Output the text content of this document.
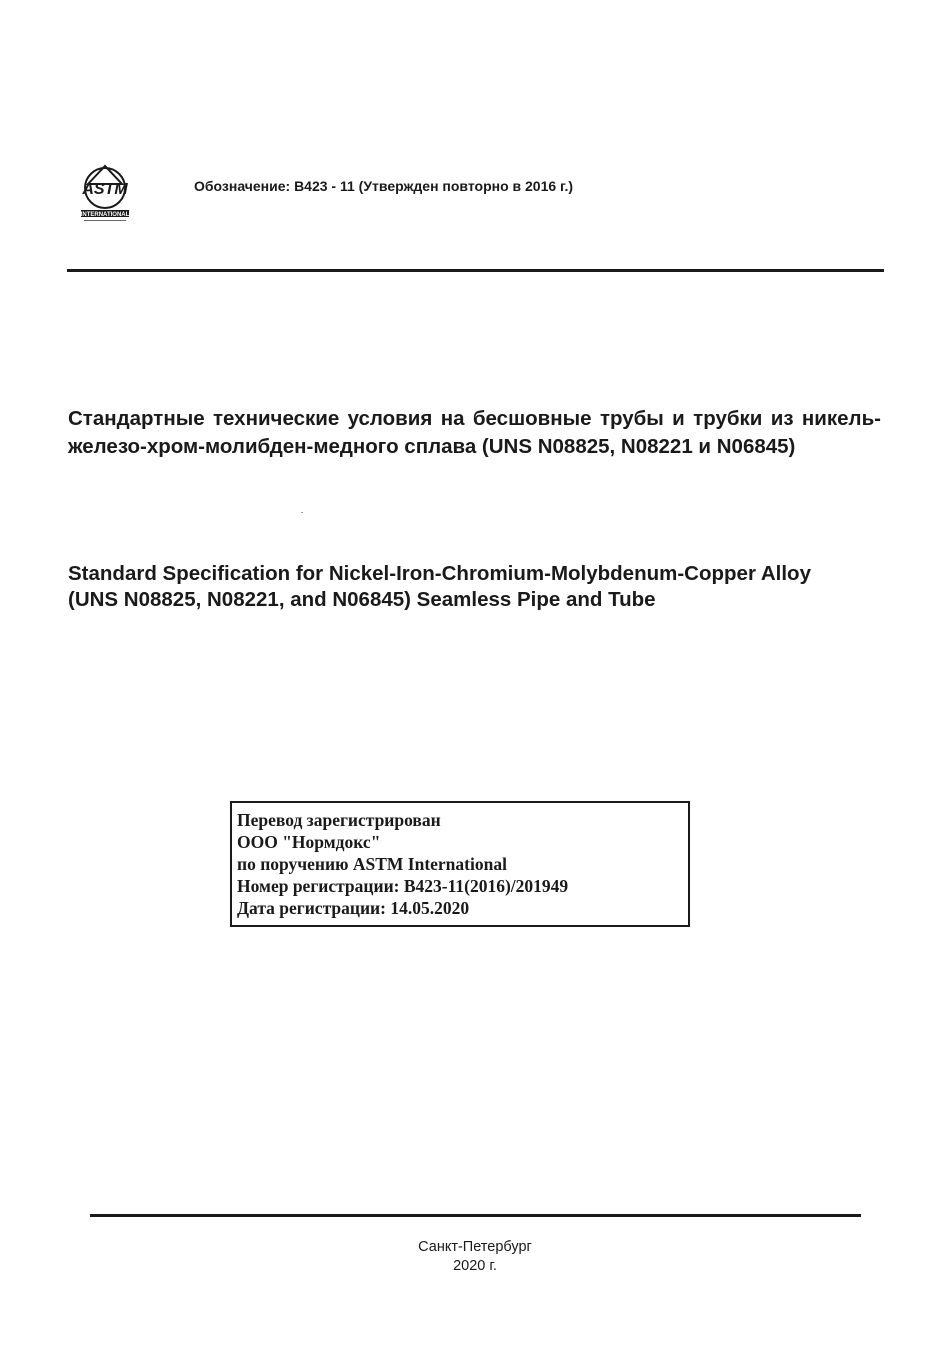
ASTM
INTERNATIONAL
Обозначение: B423 - 11 (Утвержден повторно в 2016 г.)
Стандартные технические условия на бесшовные трубы и трубки из никель-железо-хром-молибден-медного сплава (UNS N08825, N08221 и N06845)
Standard Specification for Nickel-Iron-Chromium-Molybdenum-Copper Alloy
(UNS N08825, N08221, and N06845) Seamless Pipe and Tube
Перевод зарегистрирован
ООО "Нормдокс"
по поручению ASTM International
Номер регистрации: B423-11(2016)/201949
Дата регистрации: 14.05.2020
Санкт-Петербург
2020 г.
